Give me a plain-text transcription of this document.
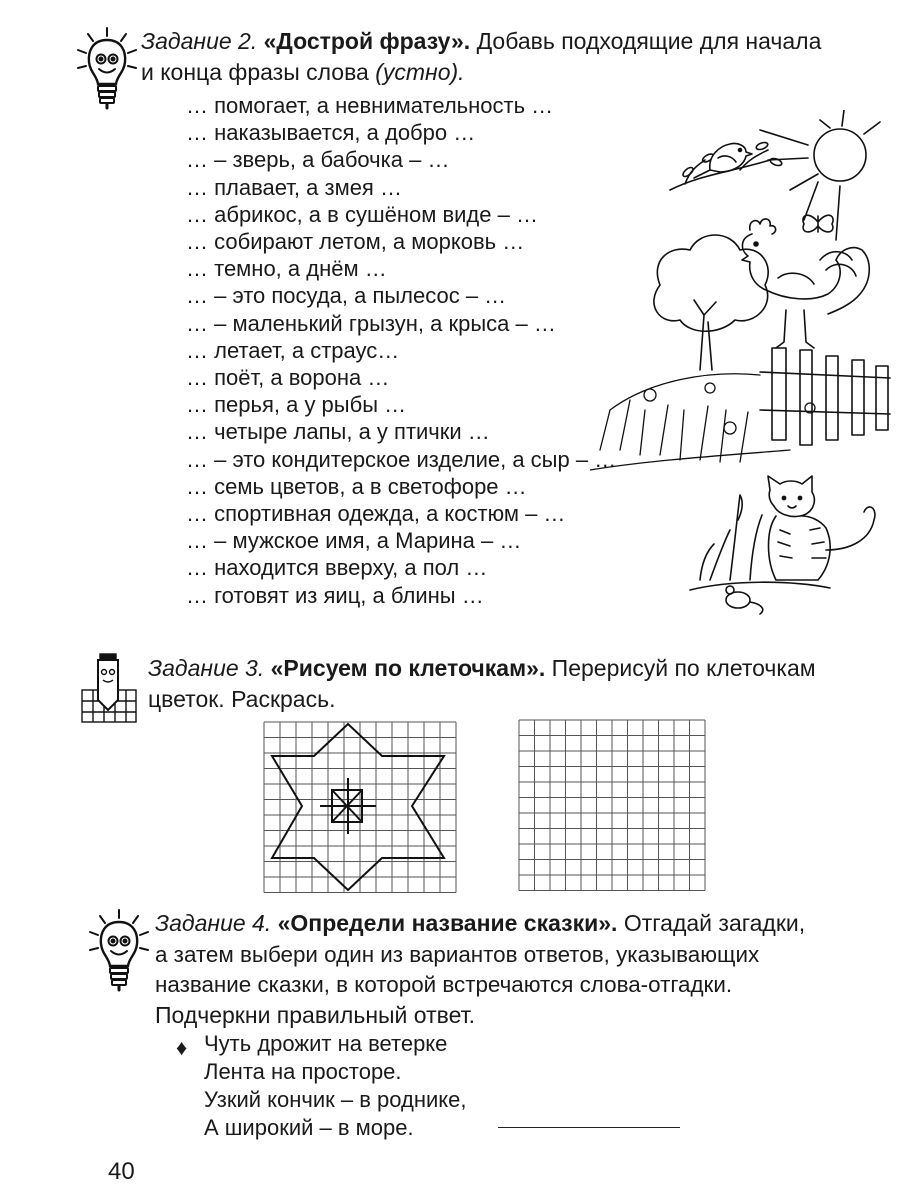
Задание 2. «Дострой фразу». Добавь подходящие для начала
и конца фразы слова (устно).
… помогает, а невнимательность …
… наказывается, а добро …
… – зверь, а бабочка – …
… плавает, а змея …
… абрикос, а в сушёном виде – …
… собирают летом, а морковь …
… темно, а днём …
… – это посуда, а пылесос – …
… – маленький грызун, а крыса – …
… летает, а страус…
… поёт, а ворона …
… перья, а у рыбы …
… четыре лапы, а у птички …
… – это кондитерское изделие, а сыр – …
… семь цветов, а в светофоре …
… спортивная одежда, а костюм – …
… – мужское имя, а Марина – …
… находится вверху, а пол …
… готовят из яиц, а блины …
Задание 3. «Рисуем по клеточкам». Перерисуй по клеточкам
цветок. Раскрась.
Задание 4. «Определи название сказки». Отгадай загадки,
а затем выбери один из вариантов ответов, указывающих
название сказки, в которой встречаются слова-отгадки.
Подчеркни правильный ответ.
♦ Чуть дрожит на ветерке
Лента на просторе.
Узкий кончик – в роднике,
А широкий – в море.
40
